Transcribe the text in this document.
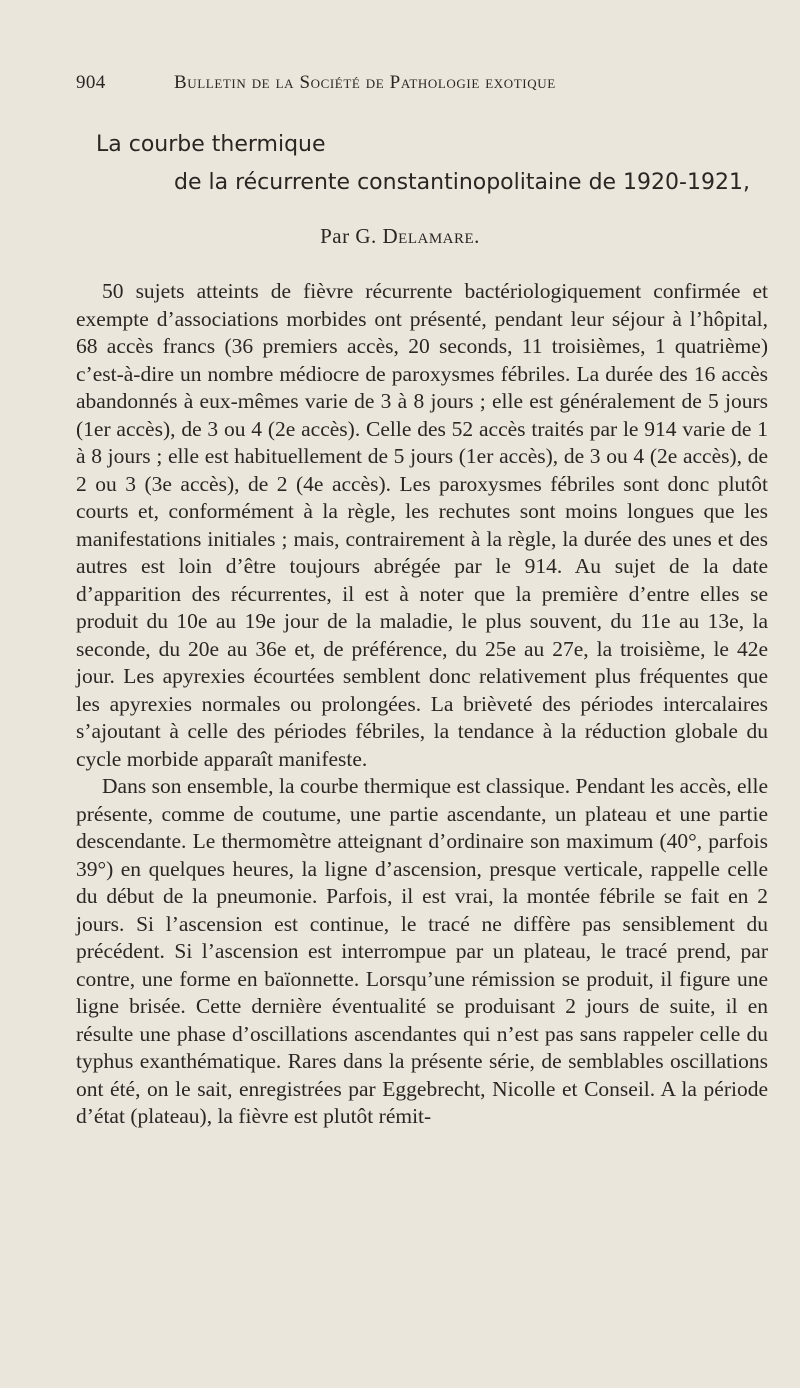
904	Bulletin de la Société de Pathologie exotique
La courbe thermique
de la récurrente constantinopolitaine de 1920-1921,
Par G. Delamare.

50 sujets atteints de fièvre récurrente bactériologiquement confirmée et exempte d’associations morbides ont présenté, pendant leur séjour à l’hôpital, 68 accès francs (36 premiers accès, 20 seconds, 11 troisièmes, 1 quatrième) c’est-à-dire un nombre médiocre de paroxysmes fébriles. La durée des 16 accès abandonnés à eux-mêmes varie de 3 à 8 jours ; elle est généralement de 5 jours (1er accès), de 3 ou 4 (2e accès). Celle des 52 accès traités par le 914 varie de 1 à 8 jours ; elle est habituellement de 5 jours (1er accès), de 3 ou 4 (2e accès), de 2 ou 3 (3e accès), de 2 (4e accès). Les paroxysmes fébriles sont donc plutôt courts et, conformément à la règle, les rechutes sont moins longues que les manifestations initiales ; mais, contrairement à la règle, la durée des unes et des autres est loin d’être toujours abrégée par le 914. Au sujet de la date d’apparition des récurrentes, il est à noter que la première d’entre elles se produit du 10e au 19e jour de la maladie, le plus souvent, du 11e au 13e, la seconde, du 20e au 36e et, de préférence, du 25e au 27e, la troisième, le 42e jour. Les apyrexies écourtées semblent donc relativement plus fréquentes que les apyrexies normales ou prolongées. La brièveté des périodes intercalaires s’ajoutant à celle des périodes fébriles, la tendance à la réduction globale du cycle morbide apparaît manifeste.

Dans son ensemble, la courbe thermique est classique. Pendant les accès, elle présente, comme de coutume, une partie ascendante, un plateau et une partie descendante. Le thermomètre atteignant d’ordinaire son maximum (40°, parfois 39°) en quelques heures, la ligne d’ascension, presque verticale, rappelle celle du début de la pneumonie. Parfois, il est vrai, la montée fébrile se fait en 2 jours. Si l’ascension est continue, le tracé ne diffère pas sensiblement du précédent. Si l’ascension est interrompue par un plateau, le tracé prend, par contre, une forme en baïonnette. Lorsqu’une rémission se produit, il figure une ligne brisée. Cette dernière éventualité se produisant 2 jours de suite, il en résulte une phase d’oscillations ascendantes qui n’est pas sans rappeler celle du typhus exanthématique. Rares dans la présente série, de semblables oscillations ont été, on le sait, enregistrées par Eggebrecht, Nicolle et Conseil. A la période d’état (plateau), la fièvre est plutôt rémit-
